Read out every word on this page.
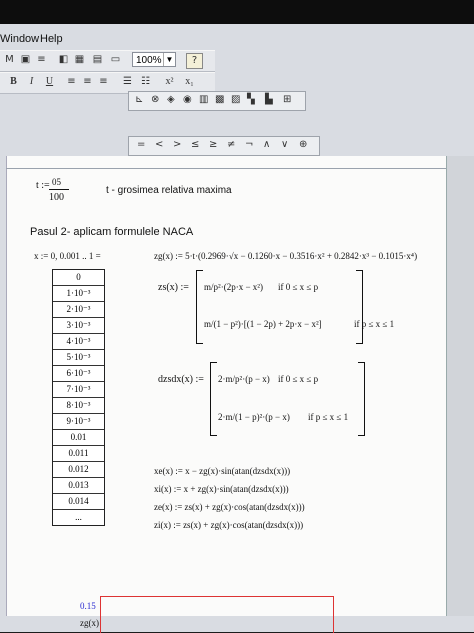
Window Help
M ▣ ≡	◧ ▦ ▤ ▭	100% ▼	?
B	I	U	≡ ≡ ≡	☰ ☷	x²	x₁
⊾ ⊗ ◈ ◉ ▥ ▩ ▨ ▚ ▙ ⊞
= < > ≤ ≥ ≠ ¬ ∧ ∨ ⊕
t := 05
100
t - grosimea relativa maxima
Pasul 2- aplicam formulele NACA
x := 0, 0.001 .. 1 =
0
1·10⁻³
2·10⁻³
3·10⁻³
4·10⁻³
5·10⁻³
6·10⁻³
7·10⁻³
8·10⁻³
9·10⁻³
0.01
0.011
0.012
0.013
0.014
...
zg(x) := 5·t·(0.2969·√x − 0.1260·x − 0.3516·x² + 0.2842·x³ − 0.1015·x⁴)
zs(x) := m/p²·(2p·x − x²) if 0 ≤ x ≤ p
m/(1 − p²)·[(1 − 2p) + 2p·x − x²]	if p ≤ x ≤ 1
dzsdx(x) := 2·m/p²·(p − x) if 0 ≤ x ≤ p
2·m/(1 − p)²·(p − x) if p ≤ x ≤ 1
xe(x) := x − zg(x)·sin(atan(dzsdx(x)))
xi(x) := x + zg(x)·sin(atan(dzsdx(x)))
ze(x) := zs(x) + zg(x)·cos(atan(dzsdx(x)))
zi(x) := zs(x) + zg(x)·cos(atan(dzsdx(x)))
0.15
zg(x)
